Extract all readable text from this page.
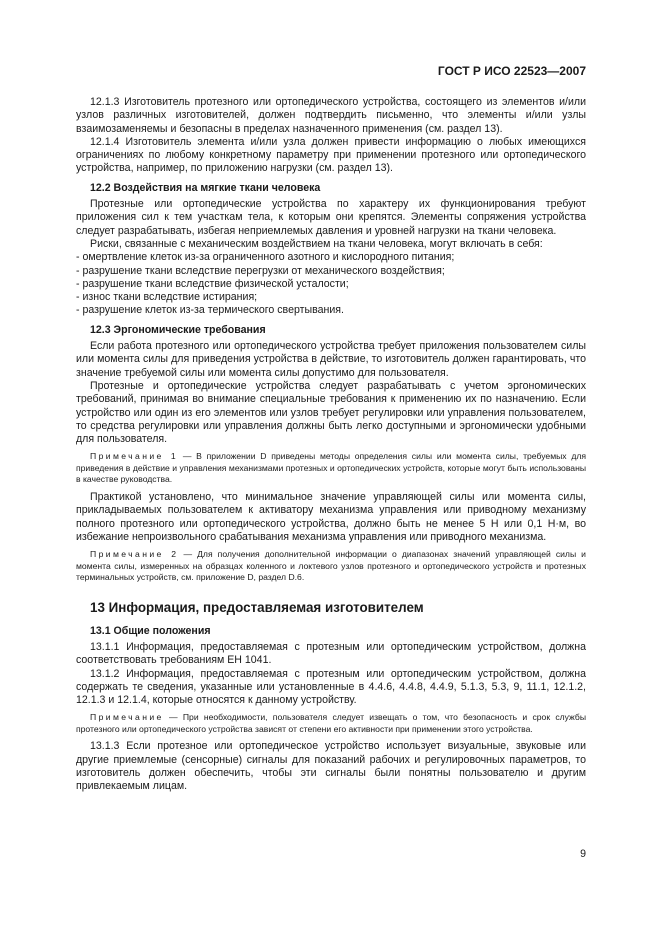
ГОСТ Р ИСО 22523—2007

12.1.3 Изготовитель протезного или ортопедического устройства, состоящего из элементов и/или узлов различных изготовителей, должен подтвердить письменно, что элементы и/или узлы взаимозаменяемы и безопасны в пределах назначенного применения (см. раздел 13).

12.1.4 Изготовитель элемента и/или узла должен привести информацию о любых имеющихся ограничениях по любому конкретному параметру при применении протезного или ортопедического устройства, например, по приложению нагрузки (см. раздел 13).

12.2 Воздействия на мягкие ткани человека

Протезные или ортопедические устройства по характеру их функционирования требуют приложения сил к тем участкам тела, к которым они крепятся. Элементы сопряжения устройства следует разрабатывать, избегая неприемлемых давления и уровней нагрузки на ткани человека.

Риски, связанные с механическим воздействием на ткани человека, могут включать в себя:

- омертвление клеток из-за ограниченного азотного и кислородного питания;
- разрушение ткани вследствие перегрузки от механического воздействия;
- разрушение ткани вследствие физической усталости;
- износ ткани вследствие истирания;
- разрушение клеток из-за термического свертывания.
12.3 Эргономические требования

Если работа протезного или ортопедического устройства требует приложения пользователем силы или момента силы для приведения устройства в действие, то изготовитель должен гарантировать, что значение требуемой силы или момента силы допустимо для пользователя.

Протезные и ортопедические устройства следует разрабатывать с учетом эргономических требований, принимая во внимание специальные требования к применению их по назначению. Если устройство или один из его элементов или узлов требует регулировки или управления пользователем, то средства регулировки или управления должны быть легко доступными и эргономически удобными для пользователя.

Примечание 1 — В приложении D приведены методы определения силы или момента силы, требуемых для приведения в действие и управления механизмами протезных и ортопедических устройств, которые могут быть использованы в качестве руководства.

Практикой установлено, что минимальное значение управляющей силы или момента силы, прикладываемых пользователем к активатору механизма управления или приводному механизму полного протезного или ортопедического устройства, должно быть не менее 5 Н или 0,1 Н·м, во избежание непроизвольного срабатывания механизма управления или приводного механизма.

Примечание 2 — Для получения дополнительной информации о диапазонах значений управляющей силы и момента силы, измеренных на образцах коленного и локтевого узлов протезного и ортопедического устройств и протезных терминальных устройств, см. приложение D, раздел D.6.
13 Информация, предоставляемая изготовителем
13.1 Общие положения

13.1.1 Информация, предоставляемая с протезным или ортопедическим устройством, должна соответствовать требованиям ЕН 1041.

13.1.2 Информация, предоставляемая с протезным или ортопедическим устройством, должна содержать те сведения, указанные или установленные в 4.4.6, 4.4.8, 4.4.9, 5.1.3, 5.3, 9, 11.1, 12.1.2, 12.1.3 и 12.1.4, которые относятся к данному устройству.

Примечание — При необходимости, пользователя следует извещать о том, что безопасность и срок службы протезного или ортопедического устройства зависят от степени его активности при применении этого устройства.

13.1.3 Если протезное или ортопедическое устройство использует визуальные, звуковые или другие приемлемые (сенсорные) сигналы для показаний рабочих и регулировочных параметров, то изготовитель должен обеспечить, чтобы эти сигналы были понятны пользователю и другим привлекаемым лицам.

9
